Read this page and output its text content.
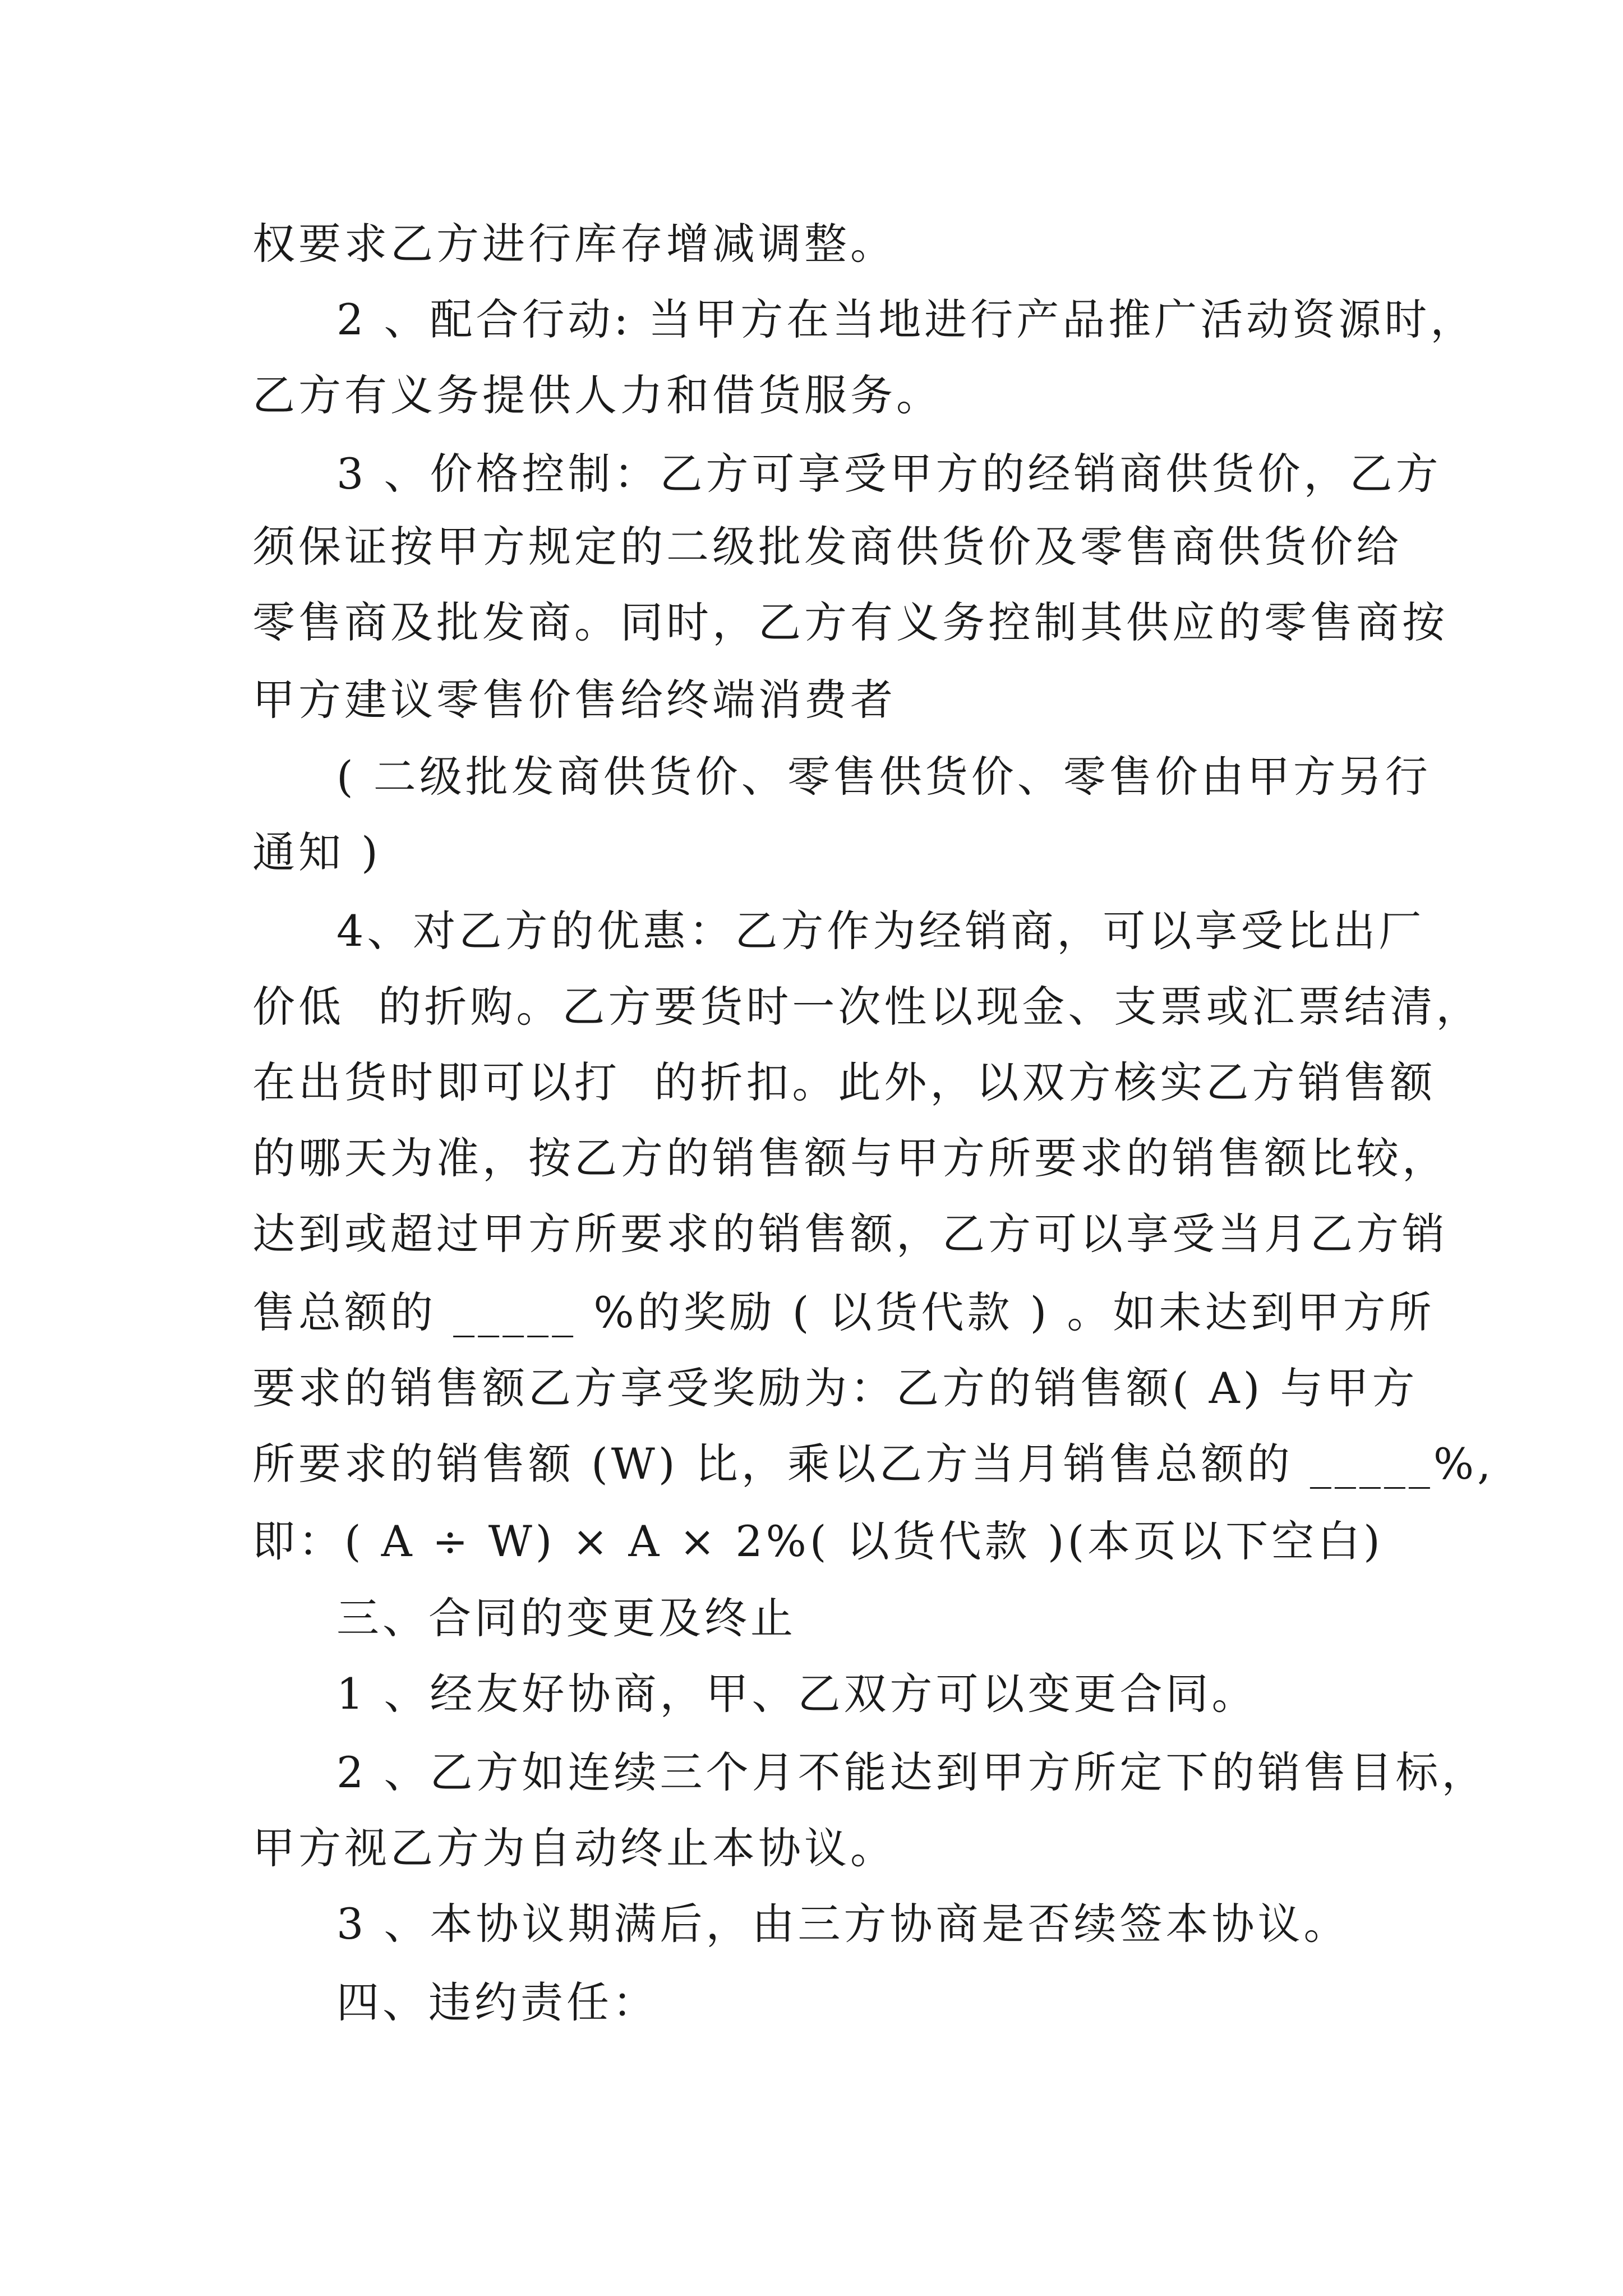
权要求乙方进行库存增减调整。
2 、配合行动: 当甲方在当地进行产品推广活动资源时，
乙方有义务提供人力和借货服务。
3 、价格控制：乙方可享受甲方的经销商供货价，乙方
须保证按甲方规定的二级批发商供货价及零售商供货价给
零售商及批发商。同时，乙方有义务控制其供应的零售商按
甲方建议零售价售给终端消费者
( 二级批发商供货价、零售供货价、零售价由甲方另行
通知 )
4、对乙方的优惠：乙方作为经销商，可以享受比出厂
价低  的折购。乙方要货时一次性以现金、支票或汇票结清，
在出货时即可以打  的折扣。此外，以双方核实乙方销售额
的哪天为准，按乙方的销售额与甲方所要求的销售额比较，
达到或超过甲方所要求的销售额，乙方可以享受当月乙方销
售总额的 _____ %的奖励 ( 以货代款 ) 。如未达到甲方所
要求的销售额乙方享受奖励为：乙方的销售额( A) 与甲方
所要求的销售额 (W) 比，乘以乙方当月销售总额的 _____%,
即：( A ÷ W) × A × 2%( 以货代款 )(本页以下空白)
三、合同的变更及终止
1 、经友好协商，甲、乙双方可以变更合同。
2 、乙方如连续三个月不能达到甲方所定下的销售目标，
甲方视乙方为自动终止本协议。
3 、本协议期满后，由三方协商是否续签本协议。
四、违约责任：
